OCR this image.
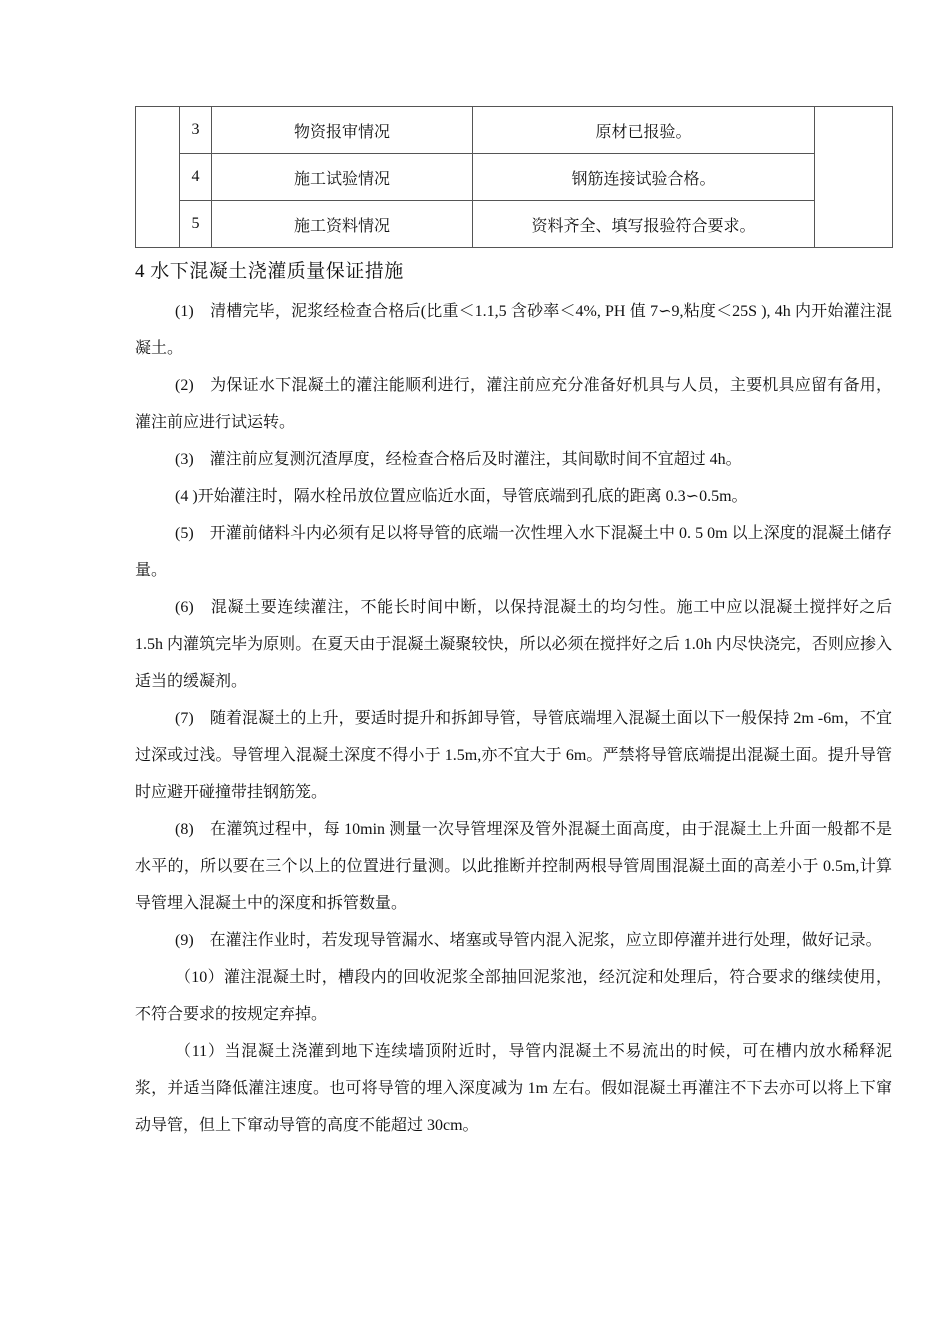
	3	物资报审情况	原材已报验。	
	4	施工试验情况	钢筋连接试验合格。	
	5	施工资料情况	资料齐全、填写报验符合要求。	
4 水下混凝土浇灌质量保证措施

(1)　清槽完毕，泥浆经检查合格后(比重＜1.1,5 含砂率＜4%, PH 值 7∽9,粘度＜25S ), 4h 内开始灌注混凝土。

(2)　为保证水下混凝土的灌注能顺利进行，灌注前应充分准备好机具与人员，主要机具应留有备用，灌注前应进行试运转。

(3)　灌注前应复测沉渣厚度，经检查合格后及时灌注，其间歇时间不宜超过 4h。

(4 )开始灌注时，隔水栓吊放位置应临近水面，导管底端到孔底的距离 0.3∽0.5m。

(5)　开灌前储料斗内必须有足以将导管的底端一次性埋入水下混凝土中 0. 5 0m 以上深度的混凝土储存量。

(6)　混凝土要连续灌注，不能长时间中断，以保持混凝土的均匀性。施工中应以混凝土搅拌好之后 1.5h 内灌筑完毕为原则。在夏天由于混凝土凝聚较快，所以必须在搅拌好之后 1.0h 内尽快浇完，否则应掺入适当的缓凝剂。

(7)　随着混凝土的上升，要适时提升和拆卸导管，导管底端埋入混凝土面以下一般保持 2m -6m，不宜过深或过浅。导管埋入混凝土深度不得小于 1.5m,亦不宜大于 6m。严禁将导管底端提出混凝土面。提升导管时应避开碰撞带挂钢筋笼。

(8)　在灌筑过程中，每 10min 测量一次导管埋深及管外混凝土面高度，由于混凝土上升面一般都不是水平的，所以要在三个以上的位置进行量测。以此推断并控制两根导管周围混凝土面的高差小于 0.5m,计算导管埋入混凝土中的深度和拆管数量。

(9)　在灌注作业时，若发现导管漏水、堵塞或导管内混入泥浆，应立即停灌并进行处理，做好记录。

（10）灌注混凝土时，槽段内的回收泥浆全部抽回泥浆池，经沉淀和处理后，符合要求的继续使用，不符合要求的按规定弃掉。

（11）当混凝土浇灌到地下连续墙顶附近时，导管内混凝土不易流出的时候，可在槽内放水稀释泥浆，并适当降低灌注速度。也可将导管的埋入深度减为 1m 左右。假如混凝土再灌注不下去亦可以将上下窜动导管，但上下窜动导管的高度不能超过 30cm。
